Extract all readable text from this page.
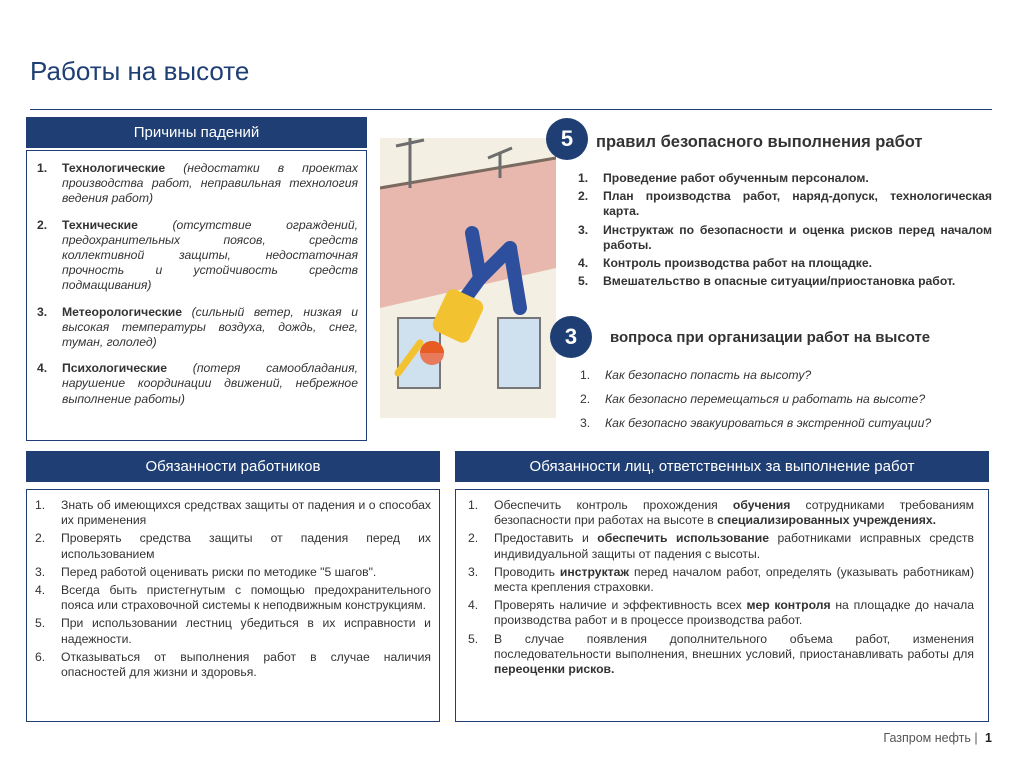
Работы на высоте
Причины падений
1.	Технологические (недостатки в проектах производства работ, неправильная технология ведения работ)
2.	Технические (отсутствие ограждений, предохранительных поясов, средств коллективной защиты, недостаточная прочность и устойчивость средств подмащивания)
3.	Метеорологические (сильный ветер, низкая и высокая температуры воздуха, дождь, снег, туман, гололед)
4.	Психологические (потеря самообладания, нарушение координации движений, небрежное выполнение работы)
5	правил безопасного выполнения работ
1.	Проведение работ обученным персоналом.
2.	План производства работ, наряд-допуск, технологическая карта.
3.	Инструктаж по безопасности и оценка рисков перед началом работы.
4.	Контроль производства работ на площадке.
5.	Вмешательство в опасные ситуации/приостановка работ.
3	вопроса при организации работ на высоте
1.	Как безопасно попасть на высоту?
2.	Как безопасно перемещаться и работать на высоте?
3.	Как безопасно эвакуироваться в экстренной ситуации?
Обязанности работников
1.	Знать об имеющихся средствах защиты от падения и о способах их применения
2.	Проверять средства защиты от падения перед их использованием
3.	Перед работой оценивать риски по методике "5 шагов".
4.	Всегда быть пристегнутым с помощью предохранительного пояса или страховочной системы к неподвижным конструкциям.
5.	При использовании лестниц убедиться в их исправности и надежности.
6.	Отказываться от выполнения работ в случае наличия опасностей для жизни и здоровья.
Обязанности лиц, ответственных за выполнение работ
1.	Обеспечить контроль прохождения обучения сотрудниками требованиям безопасности при работах на высоте в специализированных учреждениях.
2.	Предоставить и обеспечить использование работниками исправных средств индивидуальной защиты от падения с высоты.
3.	Проводить инструктаж перед началом работ, определять (указывать работникам) места крепления страховки.
4.	Проверять наличие и эффективность всех мер контроля на площадке до начала производства работ и в процессе производства работ.
5.	В случае появления дополнительного объема работ, изменения последовательности выполнения, внешних условий, приостанавливать работы для переоценки рисков.
Газпром нефть | 1
